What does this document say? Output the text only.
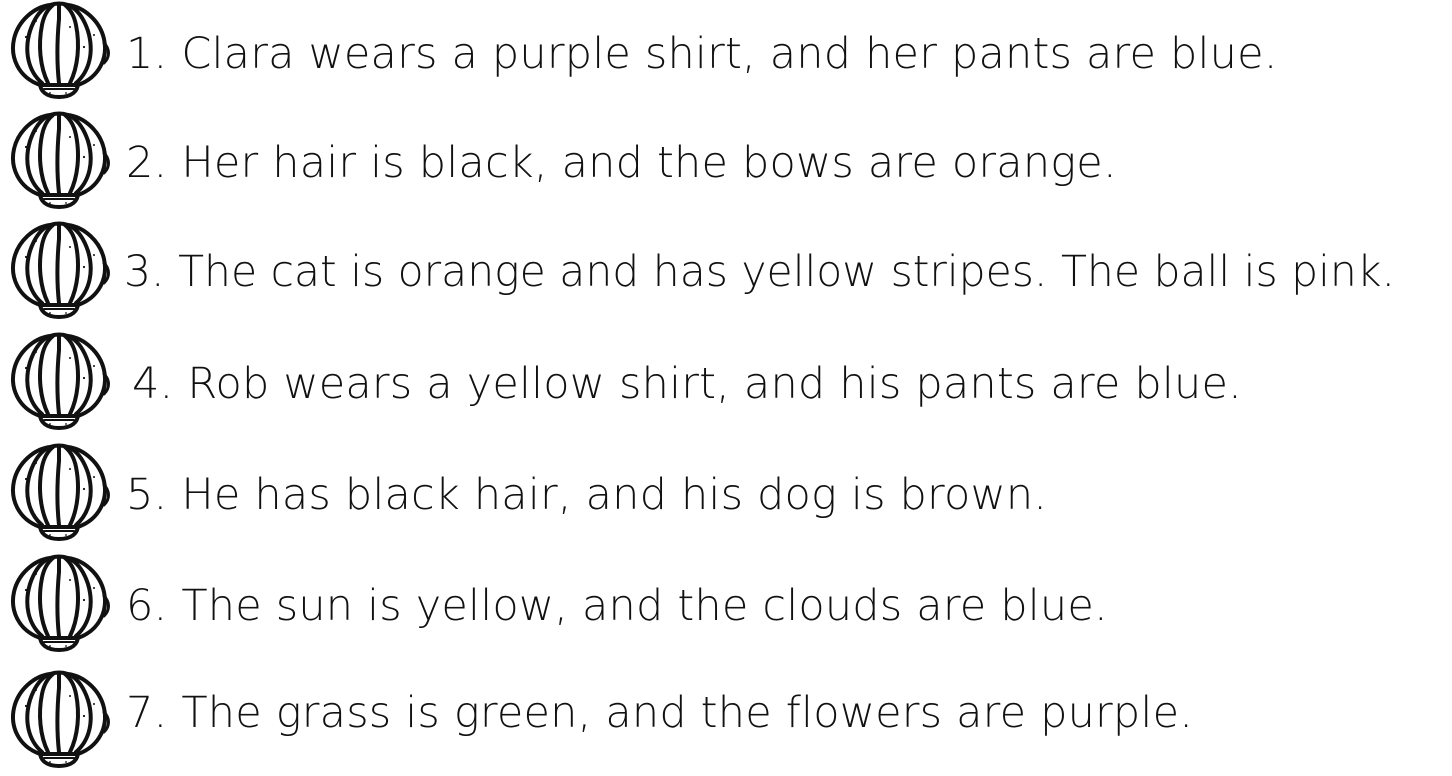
1. Clara wears a purple shirt, and her pants are blue.
2. Her hair is black, and the bows are orange.
3. The cat is orange and has yellow stripes. The ball is pink.
4. Rob wears a yellow shirt, and his pants are blue.
5. He has black hair, and his dog is brown.
6. The sun is yellow, and the clouds are blue.
7. The grass is green, and the flowers are purple.
